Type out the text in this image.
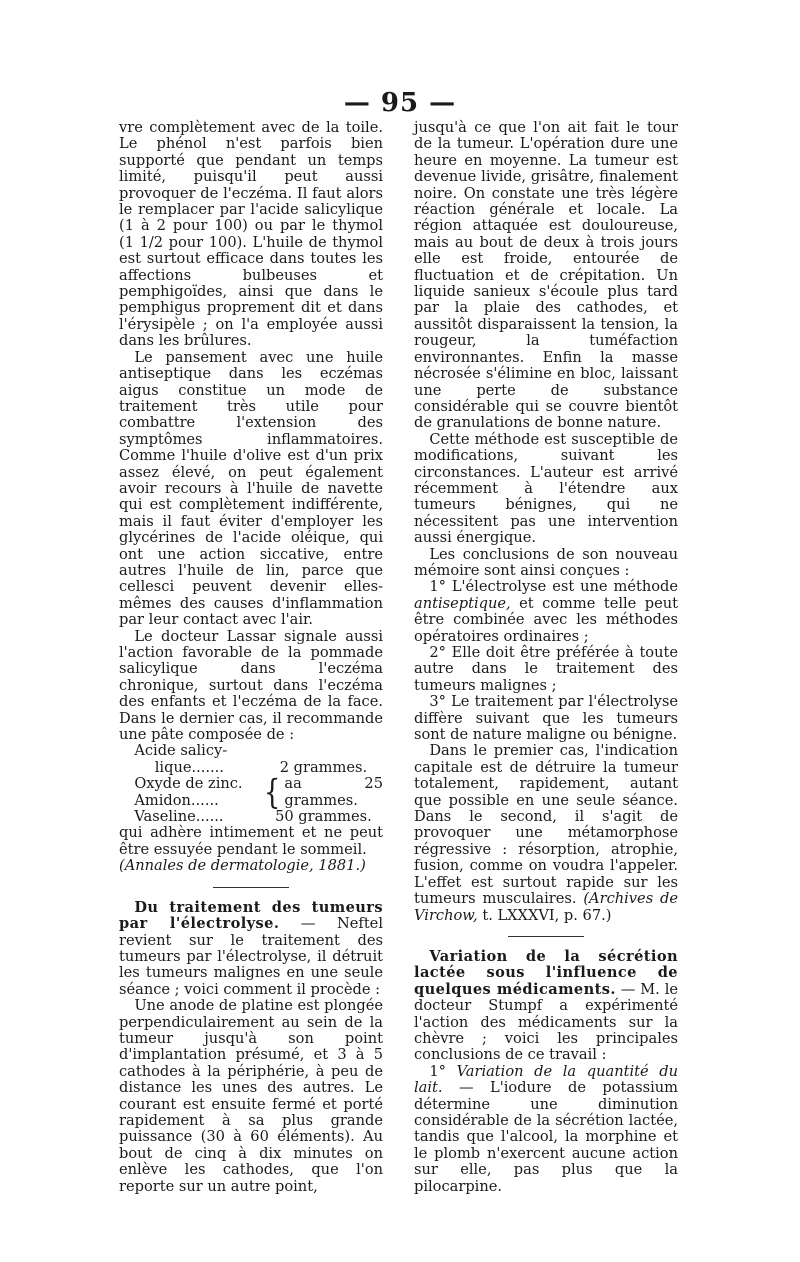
— 95 —

vre complètement avec de la toile. Le phénol n'est parfois bien supporté que pendant un temps limité, puisqu'il peut aussi provoquer de l'eczéma. Il faut alors le remplacer par l'acide salicylique (1 à 2 pour 100) ou par le thymol (1 1/2 pour 100). L'huile de thymol est surtout efficace dans toutes les affections bulbeuses et pemphigoïdes, ainsi que dans le pemphigus proprement dit et dans l'érysipèle ; on l'a employée aussi dans les brûlures.

Le pansement avec une huile antiseptique dans les eczémas aigus constitue un mode de traitement très utile pour combattre l'extension des symptômes inflammatoires. Comme l'huile d'olive est d'un prix assez élevé, on peut également avoir recours à l'huile de navette qui est complètement indifférente, mais il faut éviter d'employer les glycérines de l'acide oléique, qui ont une action siccative, entre autres l'huile de lin, parce que cellesci peuvent devenir elles-mêmes des causes d'inflammation par leur contact avec l'air.

Le docteur Lassar signale aussi l'action favorable de la pommade salicylique dans l'eczéma chronique, surtout dans l'eczéma des enfants et l'eczéma de la face. Dans le dernier cas, il recommande une pâte composée de :

Acide salicy-
lique.......	2 grammes.
Oxyde de zinc. { aa 25 grammes.
Amidon......
Vaseline......	50 grammes.

qui adhère intimement et ne peut être essuyée pendant le sommeil.

(Annales de dermatologie, 1881.)

Du traitement des tumeurs par l'électrolyse. — Neftel revient sur le traitement des tumeurs par l'électrolyse, il détruit les tumeurs malignes en une seule séance ; voici comment il procède :

Une anode de platine est plongée perpendiculairement au sein de la tumeur jusqu'à son point d'implantation présumé, et 3 à 5 cathodes à la périphérie, à peu de distance les unes des autres. Le courant est ensuite fermé et porté rapidement à sa plus grande puissance (30 à 60 éléments). Au bout de cinq à dix minutes on enlève les cathodes, que l'on reporte sur un autre point,

jusqu'à ce que l'on ait fait le tour de la tumeur. L'opération dure une heure en moyenne. La tumeur est devenue livide, grisâtre, finalement noire. On constate une très légère réaction générale et locale. La région attaquée est douloureuse, mais au bout de deux à trois jours elle est froide, entourée de fluctuation et de crépitation. Un liquide sanieux s'écoule plus tard par la plaie des cathodes, et aussitôt disparaissent la tension, la rougeur, la tuméfaction environnantes. Enfin la masse nécrosée s'élimine en bloc, laissant une perte de substance considérable qui se couvre bientôt de granulations de bonne nature.

Cette méthode est susceptible de modifications, suivant les circonstances. L'auteur est arrivé récemment à l'étendre aux tumeurs bénignes, qui ne nécessitent pas une intervention aussi énergique.

Les conclusions de son nouveau mémoire sont ainsi conçues :

1° L'électrolyse est une méthode antiseptique, et comme telle peut être combinée avec les méthodes opératoires ordinaires ;

2° Elle doit être préférée à toute autre dans le traitement des tumeurs malignes ;

3° Le traitement par l'électrolyse diffère suivant que les tumeurs sont de nature maligne ou bénigne.

Dans le premier cas, l'indication capitale est de détruire la tumeur totalement, rapidement, autant que possible en une seule séance. Dans le second, il s'agit de provoquer une métamorphose régressive : résorption, atrophie, fusion, comme on voudra l'appeler. L'effet est surtout rapide sur les tumeurs musculaires. (Archives de Virchow, t. LXXXVI, p. 67.)

Variation de la sécrétion lactée sous l'influence de quelques médicaments. — M. le docteur Stumpf a expérimenté l'action des médicaments sur la chèvre ; voici les principales conclusions de ce travail :

1° Variation de la quantité du lait. — L'iodure de potassium détermine une diminution considérable de la sécrétion lactée, tandis que l'alcool, la morphine et le plomb n'exercent aucune action sur elle, pas plus que la pilocarpine.
